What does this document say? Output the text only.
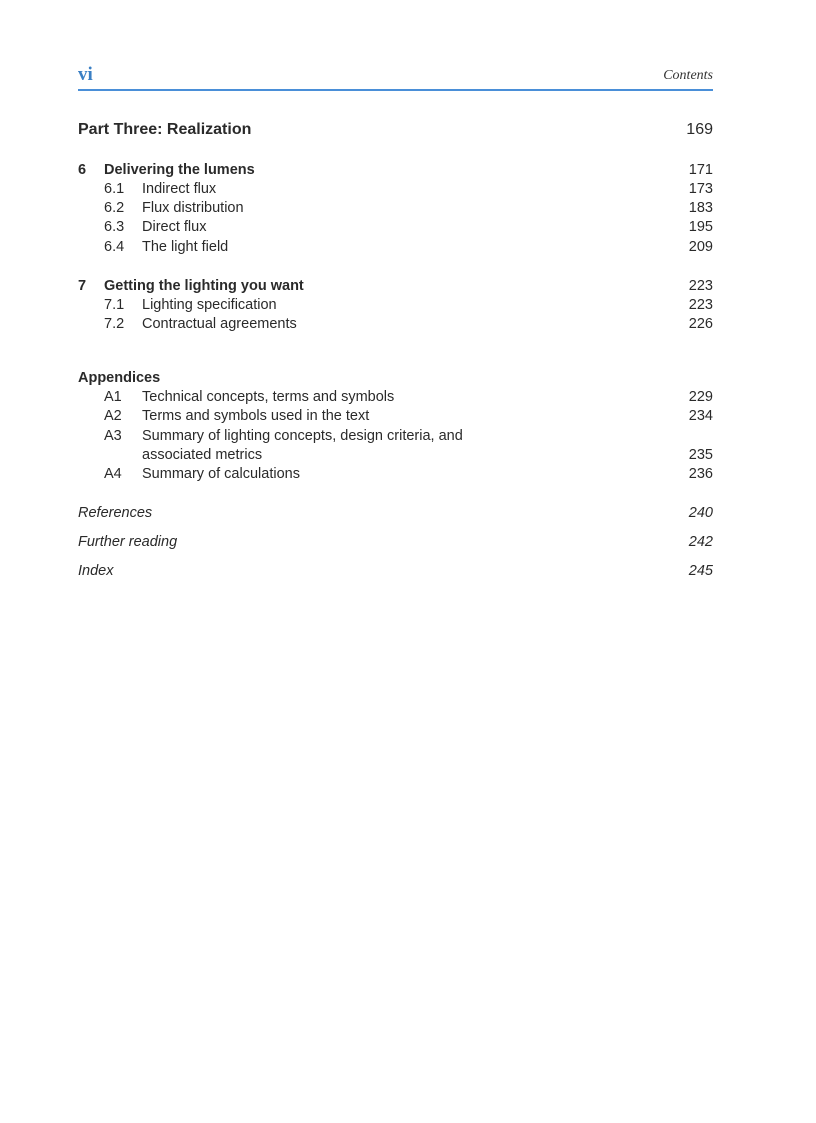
vi	Contents
Part Three: Realization	169
6 Delivering the lumens	171
6.1 Indirect flux	173
6.2 Flux distribution	183
6.3 Direct flux	195
6.4 The light field	209
7 Getting the lighting you want	223
7.1 Lighting specification	223
7.2 Contractual agreements	226
Appendices
A1 Technical concepts, terms and symbols	229
A2 Terms and symbols used in the text	234
A3 Summary of lighting concepts, design criteria, and
associated metrics	235
A4 Summary of calculations	236
References	240
Further reading	242
Index	245
